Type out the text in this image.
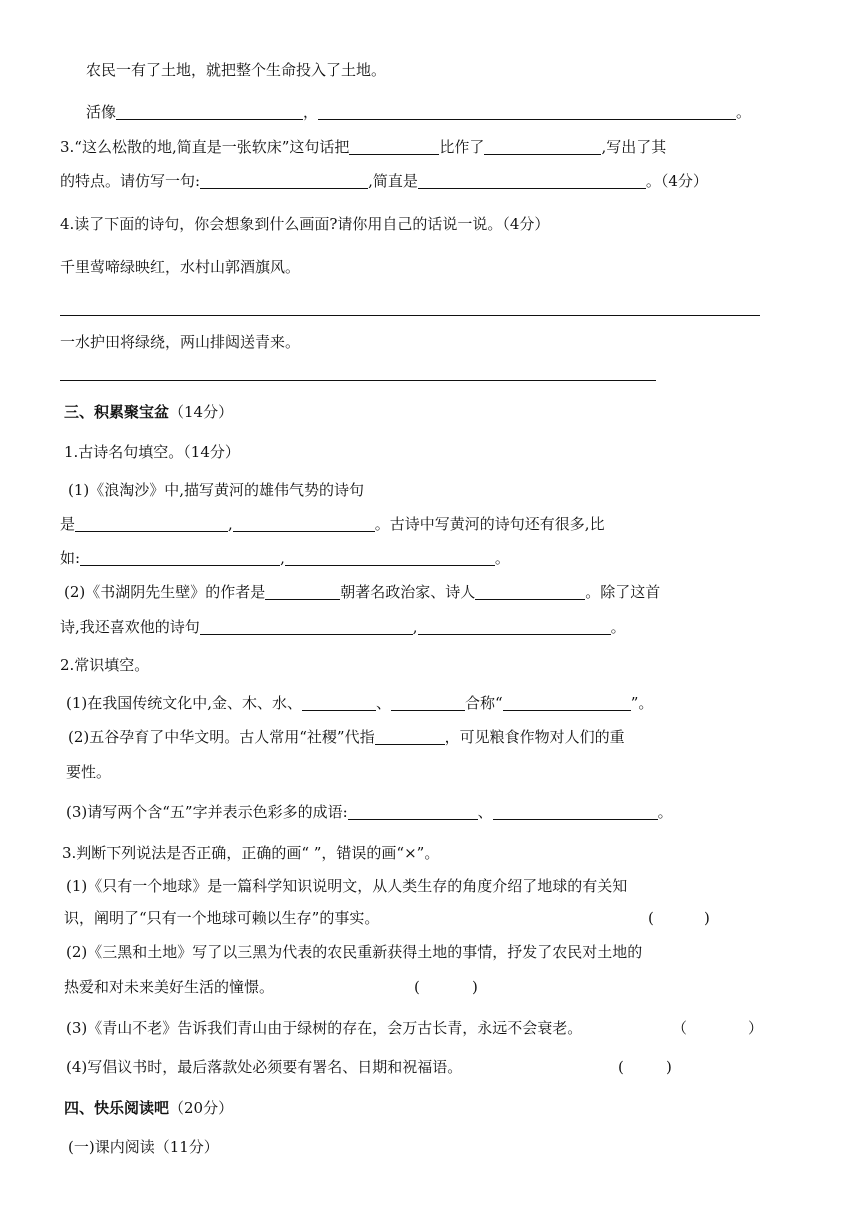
农民一有了土地，就把整个生命投入了土地。
活像	，	。
3.“这么松散的地,简直是一张软床”这句话把	比作了	,写出了其
的特点。请仿写一句:	,简直是	。（4分）
4.读了下面的诗句，你会想象到什么画面?请你用自己的话说一说。（4分）
千里莺啼绿映红，水村山郭酒旗风。
一水护田将绿绕，两山排闼送青来。
三、积累聚宝盆（14分）
1.古诗名句填空。（14分）
(1)《浪淘沙》中,描写黄河的雄伟气势的诗句
是	,	。古诗中写黄河的诗句还有很多,比
如:	,	。
(2)《书湖阴先生壁》的作者是	朝著名政治家、诗人	。除了这首
诗,我还喜欢他的诗句	,	。
2.常识填空。
(1)在我国传统文化中,金、木、水、	、	合称“	”。
(2)五谷孕育了中华文明。古人常用“社稷”代指	，可见粮食作物对人们的重
要性。
(3)请写两个含“五”字并表示色彩多的成语:	、	。
3.判断下列说法是否正确，正确的画“ ”，错误的画“×”。
(1)《只有一个地球》是一篇科学知识说明文，从人类生存的角度介绍了地球的有关知
识，阐明了“只有一个地球可赖以生存”的事实。	(	)
(2)《三黑和土地》写了以三黑为代表的农民重新获得土地的事情，抒发了农民对土地的
热爱和对未来美好生活的憧憬。	(	)
(3)《青山不老》告诉我们青山由于绿树的存在，会万古长青，永远不会衰老。	（	）
(4)写倡议书时，最后落款处必须要有署名、日期和祝福语。	(	)
四、快乐阅读吧（20分）
(一)课内阅读（11分）
